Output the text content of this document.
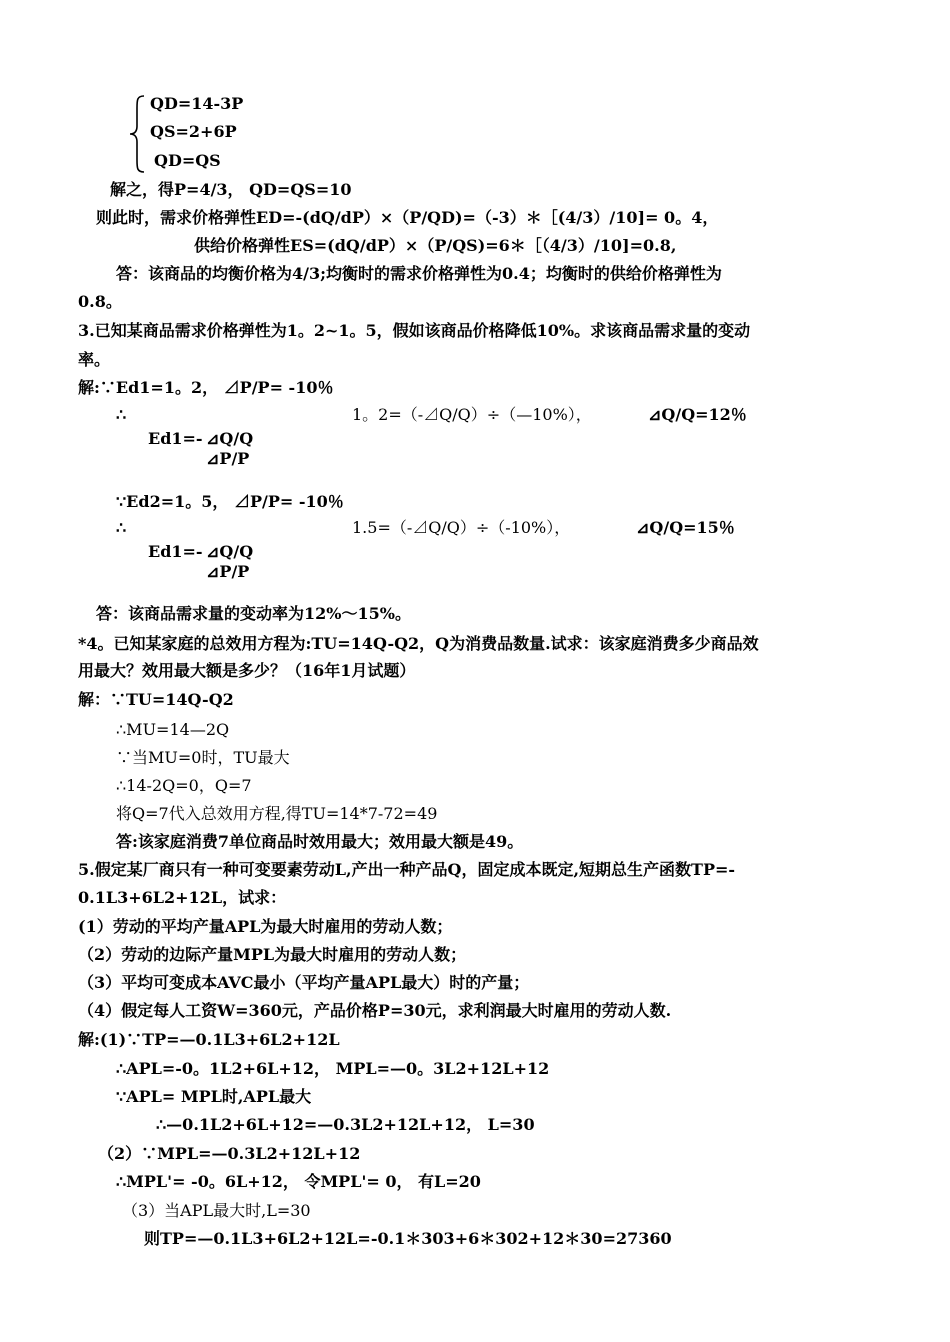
QD=14-3P
QS=2+6P
QD=QS
解之，得P=4/3， QD=QS=10
则此时，需求价格弹性ED=-(dQ/dP）×（P/QD)=（-3）＊［(4/3）/10]= 0。4，
供给价格弹性ES=(dQ/dP）×（P/QS)=6＊［（4/3）/10]=0.8,
答：该商品的均衡价格为4/3;均衡时的需求价格弹性为0.4；均衡时的供给价格弹性为
0.8。
3.已知某商品需求价格弹性为1。2~1。5，假如该商品价格降低10%。求该商品需求量的变动
率。
解:∵Ed1=1。2， ⊿P/P= -10％
∴	1。2=（-⊿Q/Q）÷（—10%），	⊿Q/Q=12％
Ed1=- ⊿Q/Q
⊿P/P
∵Ed2=1。5， ⊿P/P= -10％
∴	1.5=（-⊿Q/Q）÷（-10%），	⊿Q/Q=15％
Ed1=- ⊿Q/Q
⊿P/P
答：该商品需求量的变动率为12%～15%。
*4。已知某家庭的总效用方程为:TU=14Q-Q2，Q为消费品数量.试求：该家庭消费多少商品效
用最大？效用最大额是多少？（16年1月试题）
解：∵TU=14Q-Q2
∴MU=14—2Q
∵当MU=0时，TU最大
∴14-2Q=0，Q=7
将Q=7代入总效用方程,得TU=14*7-72=49
答:该家庭消费7单位商品时效用最大；效用最大额是49。
5.假定某厂商只有一种可变要素劳动L,产出一种产品Q，固定成本既定,短期总生产函数TP=-
0.1L3+6L2+12L，试求：
(1）劳动的平均产量APL为最大时雇用的劳动人数；
（2）劳动的边际产量MPL为最大时雇用的劳动人数；
（3）平均可变成本AVC最小（平均产量APL最大）时的产量；
（4）假定每人工资W=360元，产品价格P=30元，求利润最大时雇用的劳动人数.
解:(1)∵TP=—0.1L3+6L2+12L
∴APL=-0。1L2+6L+12， MPL=—0。3L2+12L+12
∵APL= MPL时,APL最大
∴—0.1L2+6L+12=—0.3L2+12L+12， L=30
（2）∵MPL=—0.3L2+12L+12
∴MPL'= -0。6L+12， 令MPL'= 0， 有L=20
（3）当APL最大时,L=30
则TP=—0.1L3+6L2+12L=-0.1＊303+6＊302+12＊30=27360
